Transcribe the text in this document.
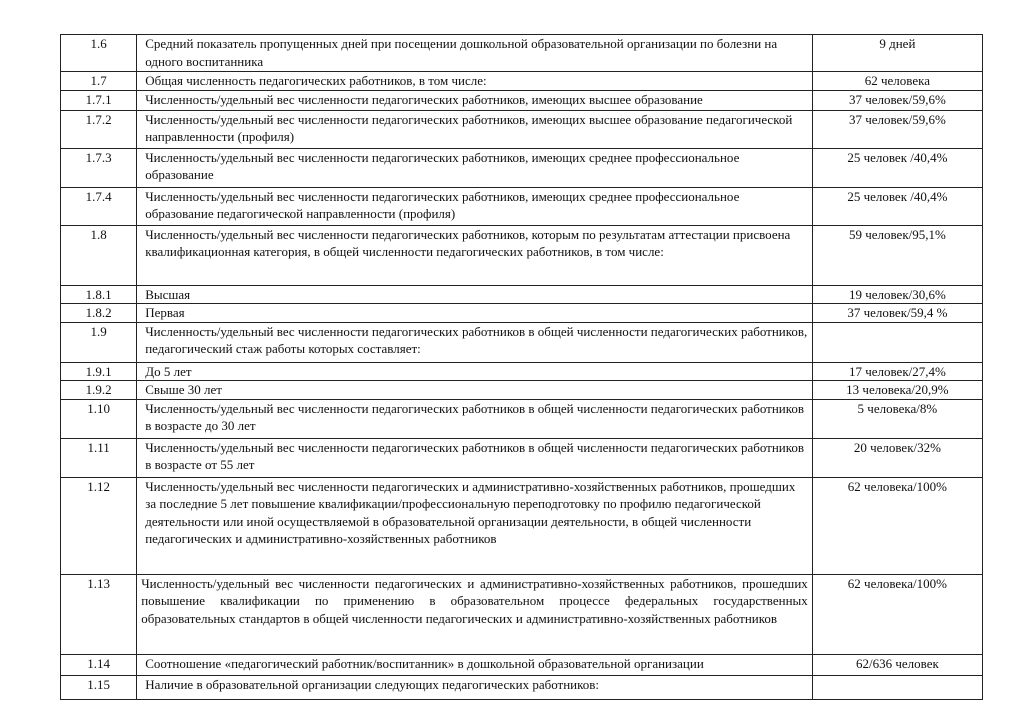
1.6	Средний показатель пропущенных дней при посещении дошкольной образовательной организации по болезни на одного воспитанника	9 дней
1.7	Общая численность педагогических работников, в том числе:	62 человека
1.7.1	Численность/удельный вес численности педагогических работников, имеющих высшее образование	37 человек/59,6%
1.7.2	Численность/удельный вес численности педагогических работников, имеющих высшее образование педагогической направленности (профиля)	37 человек/59,6%
1.7.3	Численность/удельный вес численности педагогических работников, имеющих среднее профессиональное образование	25 человек /40,4%
1.7.4	Численность/удельный вес численности педагогических работников, имеющих среднее профессиональное образование педагогической направленности (профиля)	25 человек /40,4%
1.8	Численность/удельный вес численности педагогических работников, которым по результатам аттестации присвоена квалификационная категория, в общей численности педагогических работников, в том числе:	59 человек/95,1%
1.8.1	Высшая	19 человек/30,6%
1.8.2	Первая	37 человек/59,4 %
1.9	Численность/удельный вес численности педагогических работников в общей численности педагогических работников, педагогический стаж работы которых составляет:	
1.9.1	До 5 лет	17 человек/27,4%
1.9.2	Свыше 30 лет	13 человека/20,9%
1.10	Численность/удельный вес численности педагогических работников в общей численности педагогических работников в возрасте до 30 лет	5 человека/8%
1.11	Численность/удельный вес численности педагогических работников в общей численности педагогических работников в возрасте от 55 лет	20 человек/32%
1.12	Численность/удельный вес численности педагогических и административно-хозяйственных работников, прошедших за последние 5 лет повышение квалификации/профессиональную переподготовку по профилю педагогической деятельности или иной осуществляемой в образовательной организации деятельности, в общей численности педагогических и административно-хозяйственных работников	62 человека/100%
1.13	Численность/удельный вес численности педагогических и административно-хозяйственных работников, прошедших повышение квалификации по применению в образовательном процессе федеральных государственных образовательных стандартов в общей численности педагогических и административно-хозяйственных работников	62 человека/100%
1.14	Соотношение «педагогический работник/воспитанник» в дошкольной образовательной организации	62/636 человек
1.15	Наличие в образовательной организации следующих педагогических работников:	
